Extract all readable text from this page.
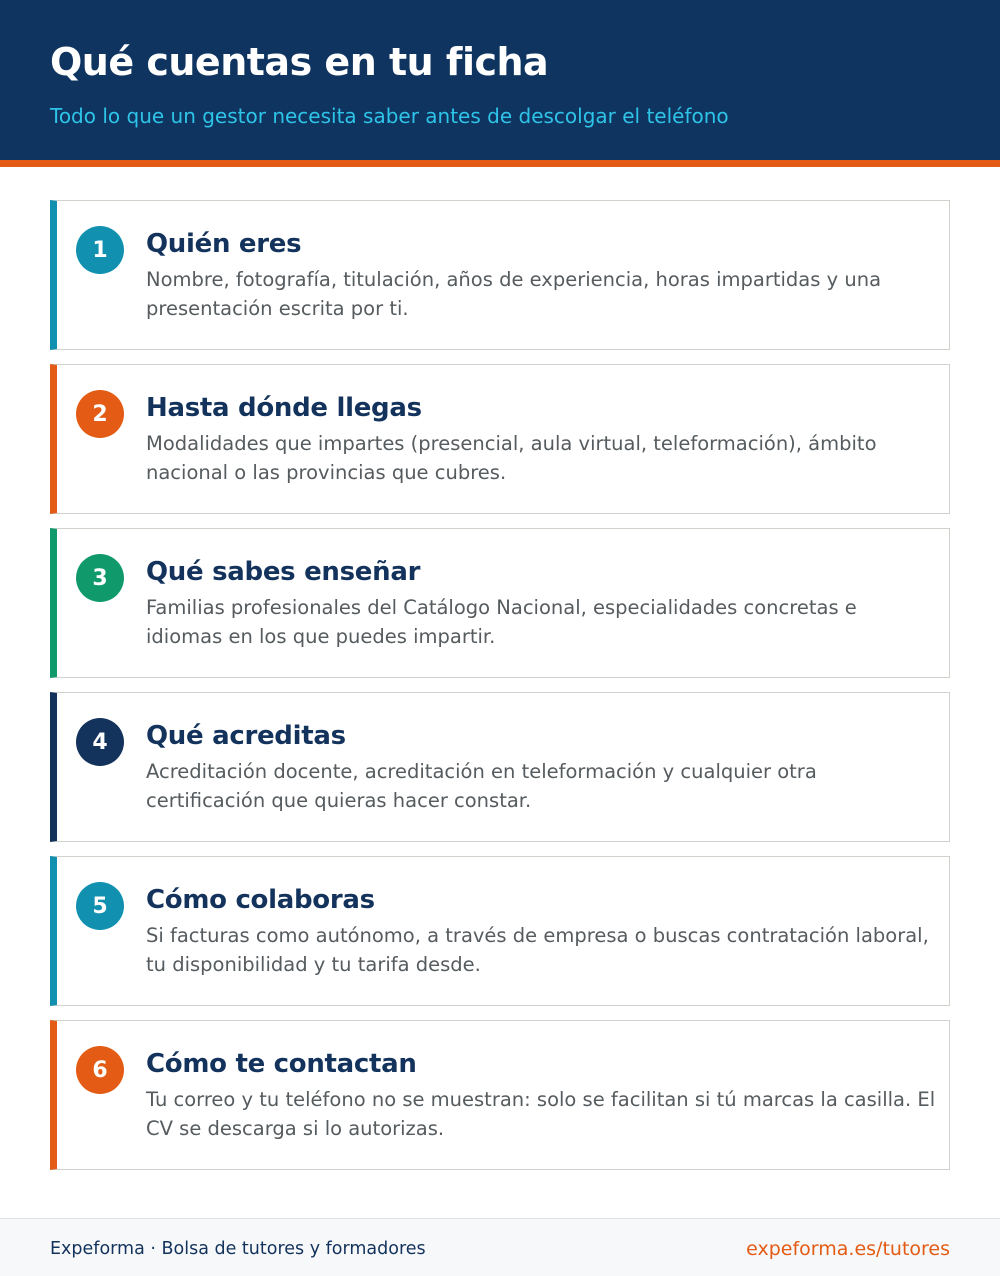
Qué cuentas en tu ficha

Todo lo que un gestor necesita saber antes de descolgar el teléfono

1	Quién eres
Nombre, fotografía, titulación, años de experiencia, horas impartidas y una presentación escrita por ti.
2	Hasta dónde llegas
Modalidades que impartes (presencial, aula virtual, teleformación), ámbito nacional o las provincias que cubres.
3	Qué sabes enseñar
Familias profesionales del Catálogo Nacional, especialidades concretas e idiomas en los que puedes impartir.
4	Qué acreditas
Acreditación docente, acreditación en teleformación y cualquier otra certificación que quieras hacer constar.
5	Cómo colaboras
Si facturas como autónomo, a través de empresa o buscas contratación laboral, tu disponibilidad y tu tarifa desde.
6	Cómo te contactan
Tu correo y tu teléfono no se muestran: solo se facilitan si tú marcas la casilla. El CV se descarga si lo autorizas.
Expeforma · Bolsa de tutores y formadores	expeforma.es/tutores
